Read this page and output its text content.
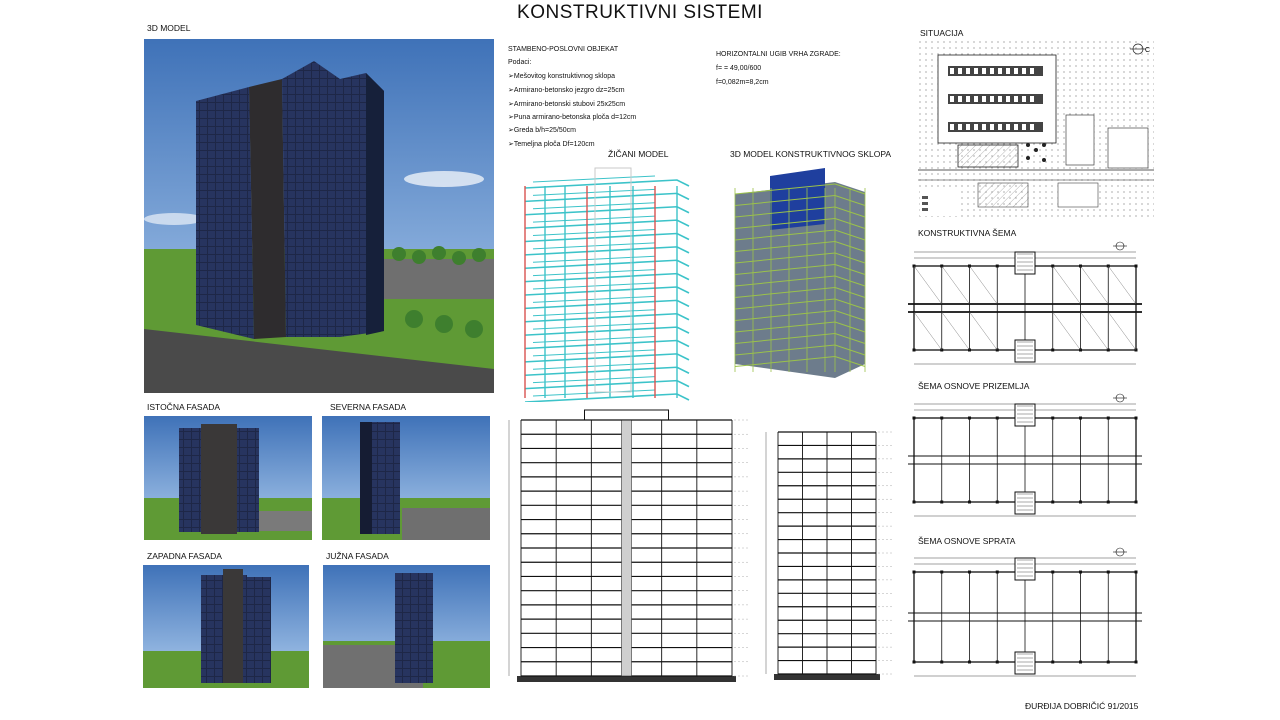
KONSTRUKTIVNI SISTEMI
3D MODEL
ISTOČNA FASADA	SEVERNA FASADA
ZAPADNA FASADA	JUŽNA FASADA
STAMBENO-POSLOVNI OBJEKAT
Podaci:
➢Mešovitog konstruktivnog sklopa
➢Armirano-betonsko jezgro dz=25cm
➢Armirano-betonski stubovi 25x25cm
➢Puna armirano-betonska ploča d=12cm
➢Greda b/h=25/50cm
➢Temeljna ploča Df=120cm
HORIZONTALNI UGIB VRHA ZGRADE:
f= = 49,00/600
f=0,082m=8,2cm
ŽIČANI MODEL	3D MODEL KONSTRUKTIVNOG SKLOPA
SITUACIJA
C
KONSTRUKTIVNA ŠEMA
ŠEMA OSNOVE PRIZEMLJA
ŠEMA OSNOVE SPRATA
ĐURĐIJA DOBRIČIĆ 91/2015
